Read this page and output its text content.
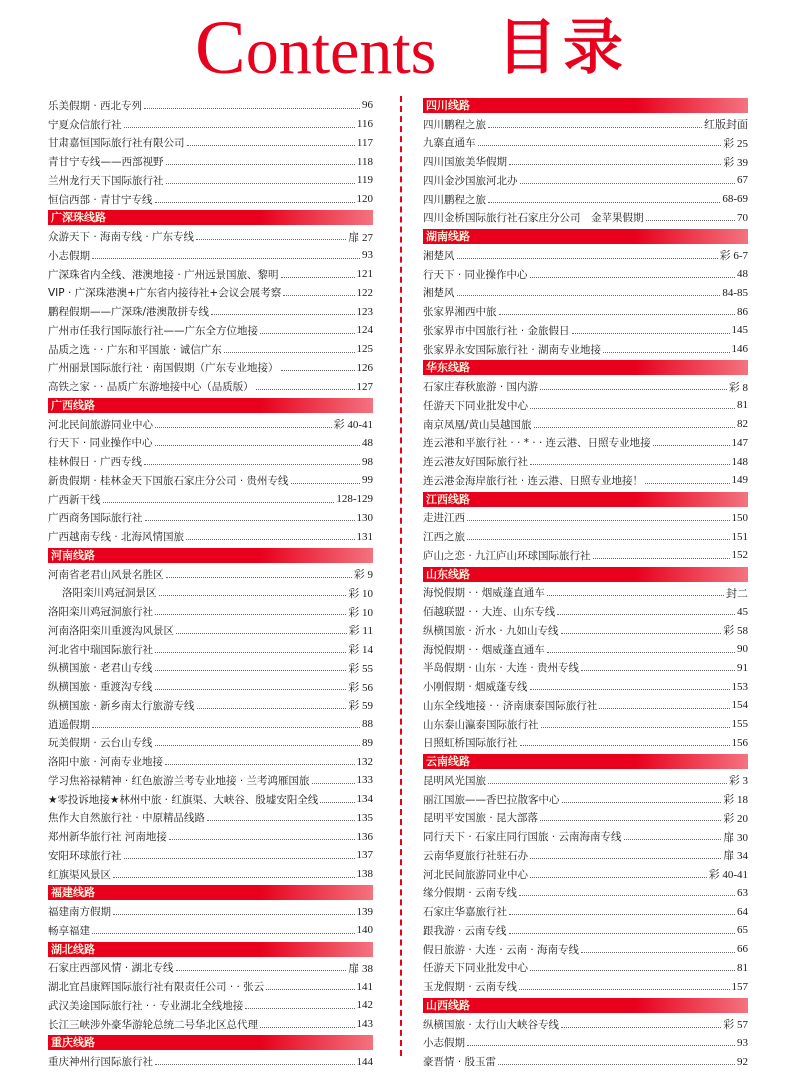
Contents 目录
乐美假期 · 西北专列	96
宁夏众信旅行社	116
甘肃嘉恒国际旅行社有限公司	117
青甘宁专线——西部视野	118
兰州龙行天下国际旅行社	119
恒信西部 · 青甘宁专线	120
广深珠线路
众游天下 · 海南专线 · 广东专线	扉 27
小志假期	93
广深珠省内全线、港澳地接 · 广州远景国旅、黎明	121
VIP · 广深珠港澳+广东省内接待社+会议会展考察	122
鹏程假期——广深珠/港澳散拼专线	123
广州市任我行国际旅行社——广东全方位地接	124
品质之选 · · 广东和平国旅 · 诚信广东	125
广州丽景国际旅行社 · 南国假期（广东专业地接）	126
高铁之家 · · 品质广东游地接中心（品质版）	127
广西线路
河北民间旅游同业中心	彩 40-41
行天下 · 同业操作中心	48
桂林假日 · 广西专线	98
新贵假期 · 桂林金天下国旅石家庄分公司 · 贵州专线	99
广西新干线	128-129
广西商务国际旅行社	130
广西越南专线 · 北海风情国旅	131
河南线路
河南省老君山风景名胜区	彩 9
洛阳栾川鸡冠洞景区	彩 10
洛阳栾川鸡冠洞旅行社	彩 10
河南洛阳栾川重渡沟风景区	彩 11
河北省中瑞国际旅行社	彩 14
纵横国旅 · 老君山专线	彩 55
纵横国旅 · 重渡沟专线	彩 56
纵横国旅 · 新乡南太行旅游专线	彩 59
逍遥假期	88
玩美假期 · 云台山专线	89
洛阳中旅 · 河南专业地接	132
学习焦裕禄精神 · 红色旅游兰考专业地接 · 兰考鸿雁国旅	133
★零投诉地接★林州中旅 · 红旗渠、大峡谷、殷墟安阳全线	134
焦作大自然旅行社 · 中原精品线路	135
郑州新华旅行社 河南地接	136
安阳环球旅行社	137
红旗渠风景区	138
福建线路
福建南方假期	139
畅享福建	140
湖北线路
石家庄西部风情 · 湖北专线	扉 38
湖北宜昌康辉国际旅行社有限责任公司 · · 张云	141
武汉美途国际旅行社 · · 专业湖北全线地接	142
长江三峡涉外豪华游轮总统二号华北区总代理	143
重庆线路
重庆神州行国际旅行社	144
四川线路
四川鹏程之旅	红版封面
九寨直通车	彩 25
四川国旅美华假期	彩 39
四川金沙国旅河北办	67
四川鹏程之旅	68-69
四川金桥国际旅行社石家庄分公司　金苹果假期	70
湖南线路
湘楚风	彩 6-7
行天下 · 同业操作中心	48
湘楚风	84-85
张家界湘西中旅	86
张家界市中国旅行社 · 金旅假日	145
张家界永安国际旅行社 · 湖南专业地接	146
华东线路
石家庄春秋旅游 · 国内游	彩 8
任游天下同业批发中心	81
南京凤凰/黄山昊越国旅	82
连云港和平旅行社 · · * · · 连云港、日照专业地接	147
连云港友好国际旅行社	148
连云港金海岸旅行社 · 连云港、日照专业地接！	149
江西线路
走进江西	150
江西之旅	151
庐山之恋 · 九江庐山环球国际旅行社	152
山东线路
海悦假期 · · 烟威蓬直通车	封二
佰越联盟 · · 大连、山东专线	45
纵横国旅 · 沂水 · 九如山专线	彩 58
海悦假期 · · 烟威蓬直通车	90
半岛假期 · 山东 · 大连 · 贵州专线	91
小刚假期 · 烟威蓬专线	153
山东全线地接 · · 济南康泰国际旅行社	154
山东泰山瀛泰国际旅行社	155
日照虹桥国际旅行社	156
云南线路
昆明风光国旅	彩 3
丽江国旅——香巴拉散客中心	彩 18
昆明平安国旅 · 昆大部落	彩 20
同行天下 · 石家庄同行国旅 · 云南海南专线	扉 30
云南华夏旅行社驻石办	扉 34
河北民间旅游同业中心	彩 40-41
缘分假期 · 云南专线	63
石家庄华嘉旅行社	64
跟我游 · 云南专线	65
假日旅游 · 大连 · 云南 · 海南专线	66
任游天下同业批发中心	81
玉龙假期 · 云南专线	157
山西线路
纵横国旅 · 太行山大峡谷专线	彩 57
小志假期	93
豪晋情 · 殷玉雷	92
